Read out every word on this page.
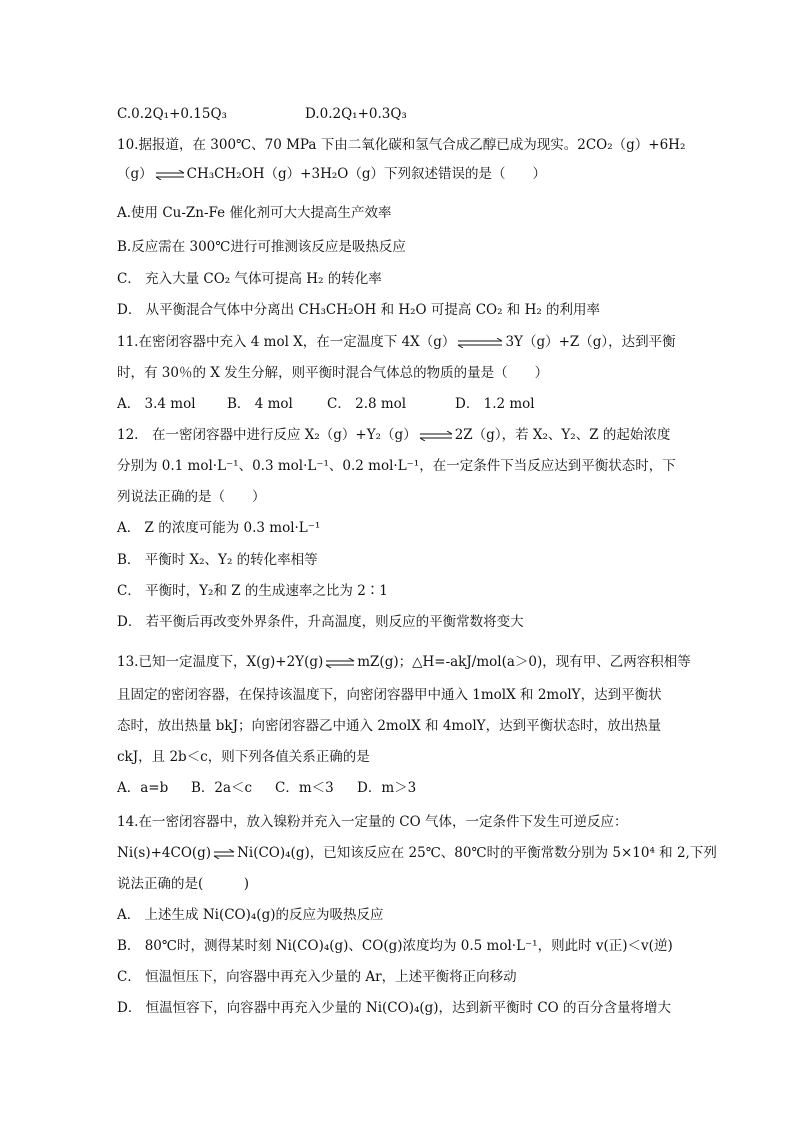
C.0.2Q₁+0.15Q₃	D.0.2Q₁+0.3Q₃
10.据报道，在 300℃、70 MPa 下由二氧化碳和氢气合成乙醇已成为现实。2CO₂（g）+6H₂
（g） ⇌ CH₃CH₂OH（g）+3H₂O（g）下列叙述错误的是（　　）
A.使用 Cu-Zn-Fe 催化剂可大大提高生产效率
B.反应需在 300℃进行可推测该反应是吸热反应
C． 充入大量 CO₂ 气体可提高 H₂ 的转化率
D． 从平衡混合气体中分离出 CH₃CH₂OH 和 H₂O 可提高 CO₂ 和 H₂ 的利用率
11.在密闭容器中充入 4 mol X，在一定温度下 4X（g） ⇌ 3Y（g）+Z（g），达到平衡
时，有 30％的 X 发生分解，则平衡时混合气体总的物质的量是（　　）
A． 3.4 mol B． 4 mol	C． 2.8 mol	D． 1.2 mol
12.　在一密闭容器中进行反应 X₂（g）+Y₂（g） ⇌ 2Z（g），若 X₂、Y₂、Z 的起始浓度
分别为 0.1 mol·L⁻¹、0.3 mol·L⁻¹、0.2 mol·L⁻¹，在一定条件下当反应达到平衡状态时，下
列说法正确的是（　　）
A． Z 的浓度可能为 0.3 mol·L⁻¹
B． 平衡时 X₂、Y₂ 的转化率相等
C． 平衡时，Y₂和 Z 的生成速率之比为 2∶1
D． 若平衡后再改变外界条件，升高温度，则反应的平衡常数将变大
13.已知一定温度下，X(g)+2Y(g) ⇌ mZ(g)；△H=-akJ/mol(a＞0)，现有甲、乙两容积相等
且固定的密闭容器，在保持该温度下，向密闭容器甲中通入 1molX 和 2molY，达到平衡状
态时，放出热量 bkJ；向密闭容器乙中通入 2molX 和 4molY，达到平衡状态时，放出热量
ckJ，且 2b＜c，则下列各值关系正确的是
A．a=b B．2a＜c C．m＜3 D．m＞3
14.在一密闭容器中，放入镍粉并充入一定量的 CO 气体，一定条件下发生可逆反应：
Ni(s)+4CO(g) ⇌ Ni(CO)₄(g)，已知该反应在 25℃、80℃时的平衡常数分别为 5×10⁴ 和 2,下列
说法正确的是(　　　)
A． 上述生成 Ni(CO)₄(g)的反应为吸热反应
B． 80℃时，测得某时刻 Ni(CO)₄(g)、CO(g)浓度均为 0.5 mol·L⁻¹，则此时 v(正)＜v(逆)
C． 恒温恒压下，向容器中再充入少量的 Ar，上述平衡将正向移动
D． 恒温恒容下，向容器中再充入少量的 Ni(CO)₄(g)，达到新平衡时 CO 的百分含量将增大
